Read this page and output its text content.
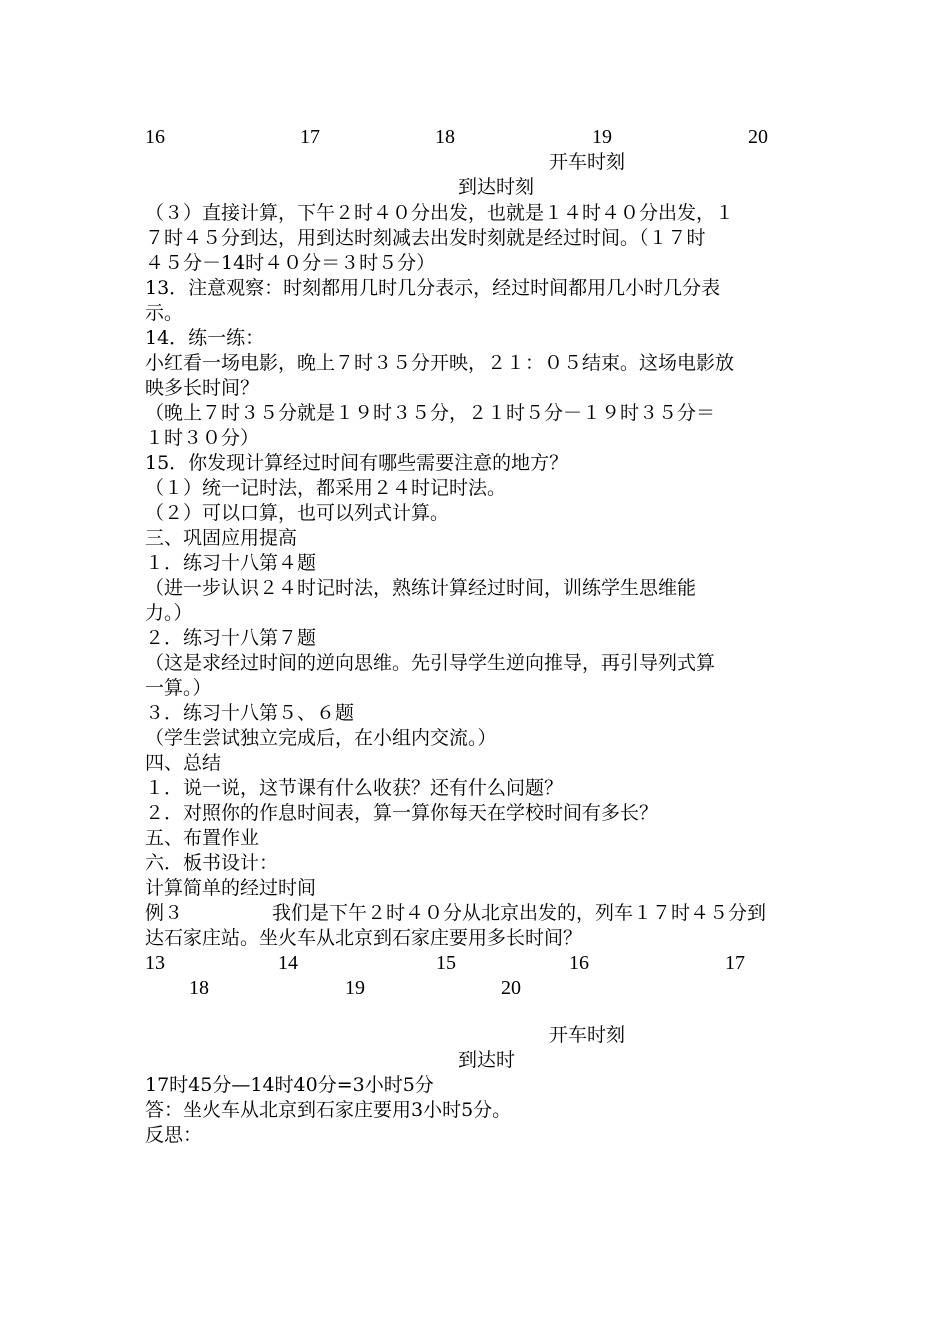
16	17	18	19	20
开车时刻
到达时刻
（３）直接计算，下午２时４０分出发，也就是１４时４０分出发，１
７时４５分到达，用到达时刻减去出发时刻就是经过时间。（１７时
４５分－14时４０分＝３时５分）
13．注意观察：时刻都用几时几分表示，经过时间都用几小时几分表
示。
14．练一练：
小红看一场电影，晚上７时３５分开映，２１：０５结束。这场电影放
映多长时间？
（晚上７时３５分就是１９时３５分，２１时５分－１９时３５分＝
１时３０分）
15．你发现计算经过时间有哪些需要注意的地方？
（１）统一记时法，都采用２４时记时法。
（２）可以口算，也可以列式计算。
三、巩固应用提高
１．练习十八第４题
（进一步认识２４时记时法，熟练计算经过时间，训练学生思维能
力。）
２．练习十八第７题
（这是求经过时间的逆向思维。先引导学生逆向推导，再引导列式算
一算。）
３．练习十八第５、６题
（学生尝试独立完成后，在小组内交流。）
四、总结
１．说一说，这节课有什么收获？还有什么问题？
２．对照你的作息时间表，算一算你每天在学校时间有多长？
五、布置作业
六．板书设计：
计算简单的经过时间
例３	我们是下午２时４０分从北京出发的，列车１７时４５分到
达石家庄站。坐火车从北京到石家庄要用多长时间？
13	14	15	16	17
18	19	20
开车时刻
到达时
17时45分—14时40分=3小时5分
答：坐火车从北京到石家庄要用3小时5分。
反思：
